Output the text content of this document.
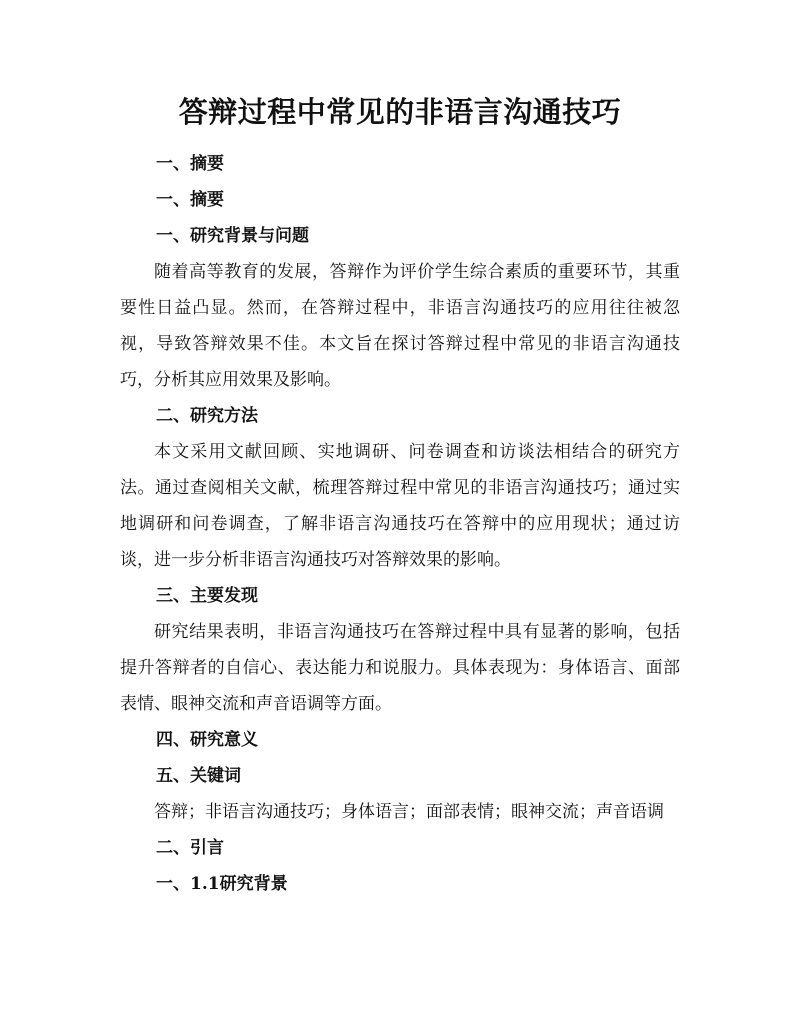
答辩过程中常见的非语言沟通技巧

一、摘要

一、摘要

一、研究背景与问题

随着高等教育的发展，答辩作为评价学生综合素质的重要环节，其重要性日益凸显。然而，在答辩过程中，非语言沟通技巧的应用往往被忽视，导致答辩效果不佳。本文旨在探讨答辩过程中常见的非语言沟通技巧，分析其应用效果及影响。

二、研究方法

本文采用文献回顾、实地调研、问卷调查和访谈法相结合的研究方法。通过查阅相关文献，梳理答辩过程中常见的非语言沟通技巧；通过实地调研和问卷调查，了解非语言沟通技巧在答辩中的应用现状；通过访谈，进一步分析非语言沟通技巧对答辩效果的影响。

三、主要发现

研究结果表明，非语言沟通技巧在答辩过程中具有显著的影响，包括提升答辩者的自信心、表达能力和说服力。具体表现为：身体语言、面部表情、眼神交流和声音语调等方面。

四、研究意义

五、关键词

答辩；非语言沟通技巧；身体语言；面部表情；眼神交流；声音语调

二、引言

一、1.1研究背景
